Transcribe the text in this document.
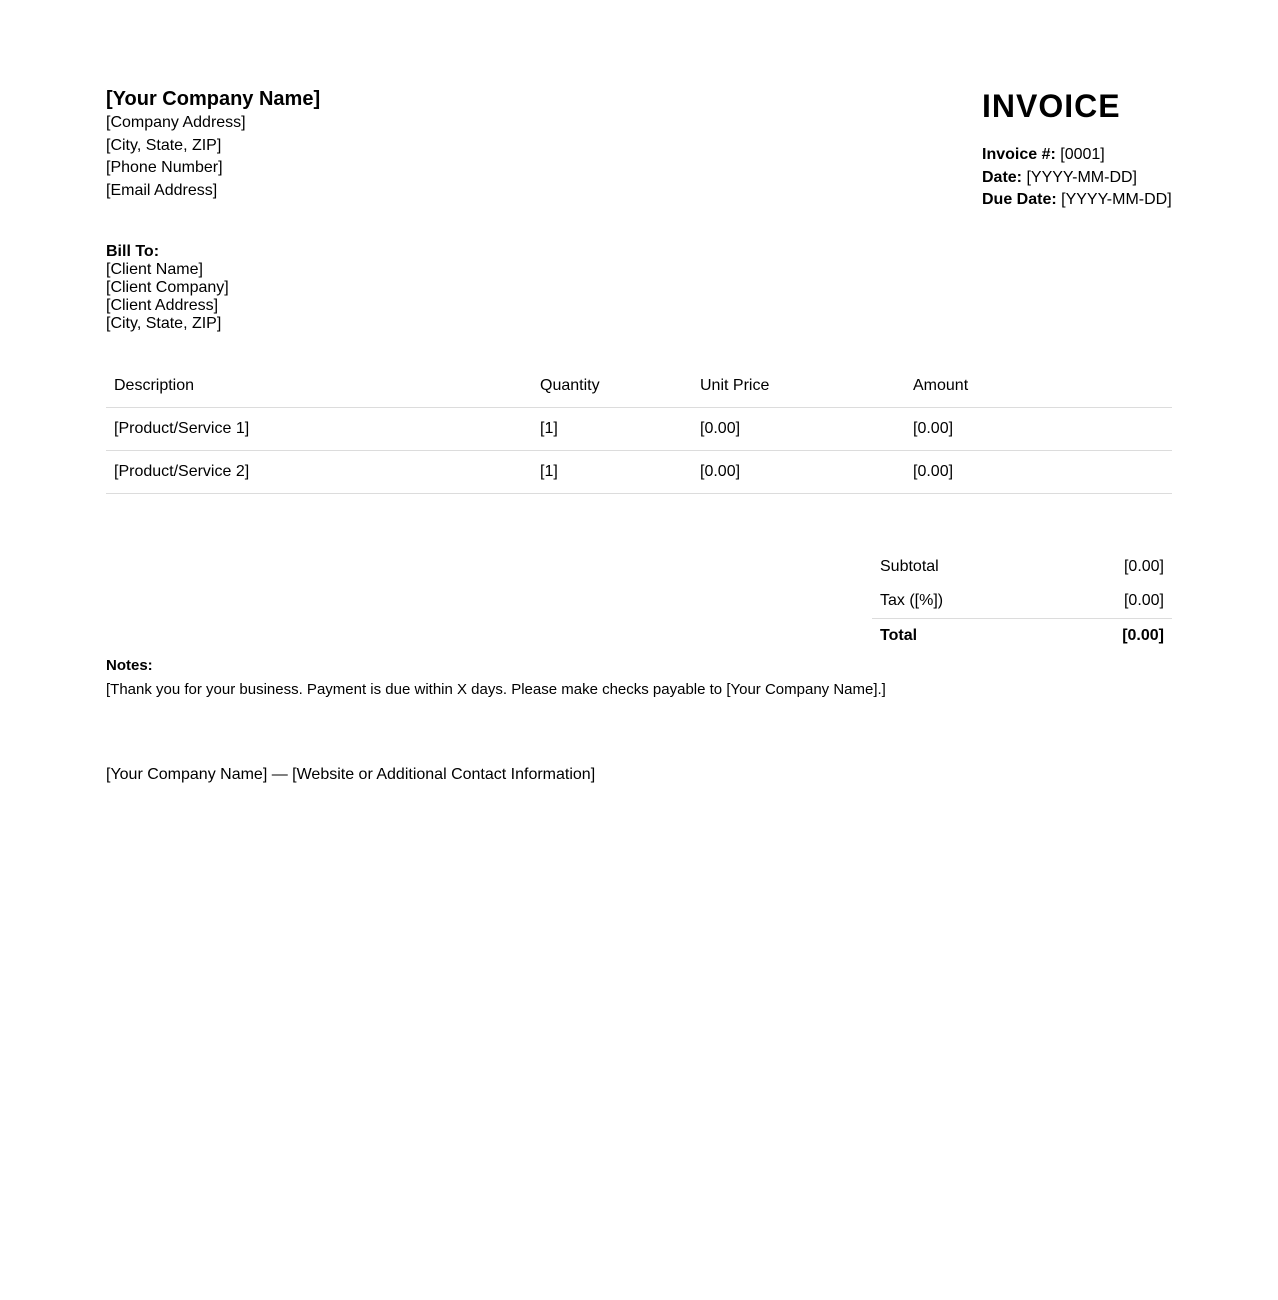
[Your Company Name]
[Company Address]
[City, State, ZIP]
[Phone Number]
[Email Address]
INVOICE
Invoice #: [0001]
Date: [YYYY-MM-DD]
Due Date: [YYYY-MM-DD]
Bill To:
[Client Name]
[Client Company]
[Client Address]
[City, State, ZIP]
Description	Quantity	Unit Price	Amount
[Product/Service 1]	[1]	[0.00]	[0.00]
[Product/Service 2]	[1]	[0.00]	[0.00]
Subtotal	[0.00]
Tax ([%])	[0.00]
Total	[0.00]
Notes:
[Thank you for your business. Payment is due within X days. Please make checks payable to [Your Company Name].]
[Your Company Name] — [Website or Additional Contact Information]
